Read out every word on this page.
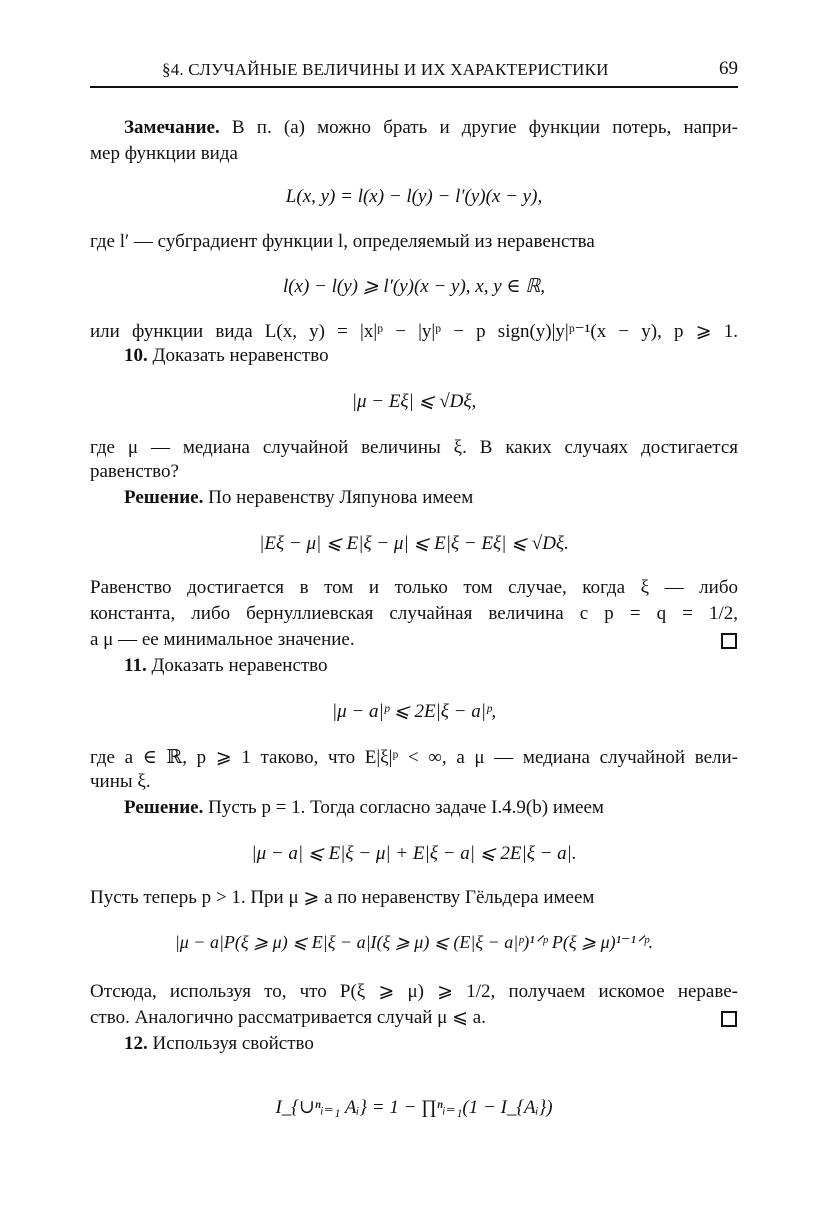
§4. СЛУЧАЙНЫЕ ВЕЛИЧИНЫ И ИХ ХАРАКТЕРИСТИКИ	69
Замечание. В п. (a) можно брать и другие функции потерь, напри-
мер функции вида
L(x, y) = l(x) − l(y) − l′(y)(x − y),
где l′ — субградиент функции l, определяемый из неравенства
l(x) − l(y) ⩾ l′(y)(x − y), x, y ∈ ℝ,
или функции вида L(x, y) = |x|ᵖ − |y|ᵖ − p sign(y)|y|ᵖ⁻¹(x − y), p ⩾ 1.
10. Доказать неравенство
|μ − Eξ| ⩽ √Dξ,
где μ — медиана случайной величины ξ. В каких случаях достигается
равенство?
Решение. По неравенству Ляпунова имеем
|Eξ − μ| ⩽ E|ξ − μ| ⩽ E|ξ − Eξ| ⩽ √Dξ.
Равенство достигается в том и только том случае, когда ξ — либо
константа, либо бернуллиевская случайная величина с p = q = 1/2,
а μ — ее минимальное значение.
11. Доказать неравенство
|μ − a|ᵖ ⩽ 2E|ξ − a|ᵖ,
где a ∈ ℝ, p ⩾ 1 таково, что E|ξ|ᵖ < ∞, а μ — медиана случайной вели-
чины ξ.
Решение. Пусть p = 1. Тогда согласно задаче I.4.9(b) имеем
|μ − a| ⩽ E|ξ − μ| + E|ξ − a| ⩽ 2E|ξ − a|.
Пусть теперь p > 1. При μ ⩾ a по неравенству Гёльдера имеем
|μ − a|P(ξ ⩾ μ) ⩽ E|ξ − a|I(ξ ⩾ μ) ⩽ (E|ξ − a|ᵖ)¹ᐟᵖ P(ξ ⩾ μ)¹⁻¹ᐟᵖ.
Отсюда, используя то, что P(ξ ⩾ μ) ⩾ 1/2, получаем искомое нераве-
ство. Аналогично рассматривается случай μ ⩽ a.
12. Используя свойство
I_{∪ⁿᵢ₌₁ Aᵢ} = 1 − ∏ⁿᵢ₌₁(1 − I_{Aᵢ})
